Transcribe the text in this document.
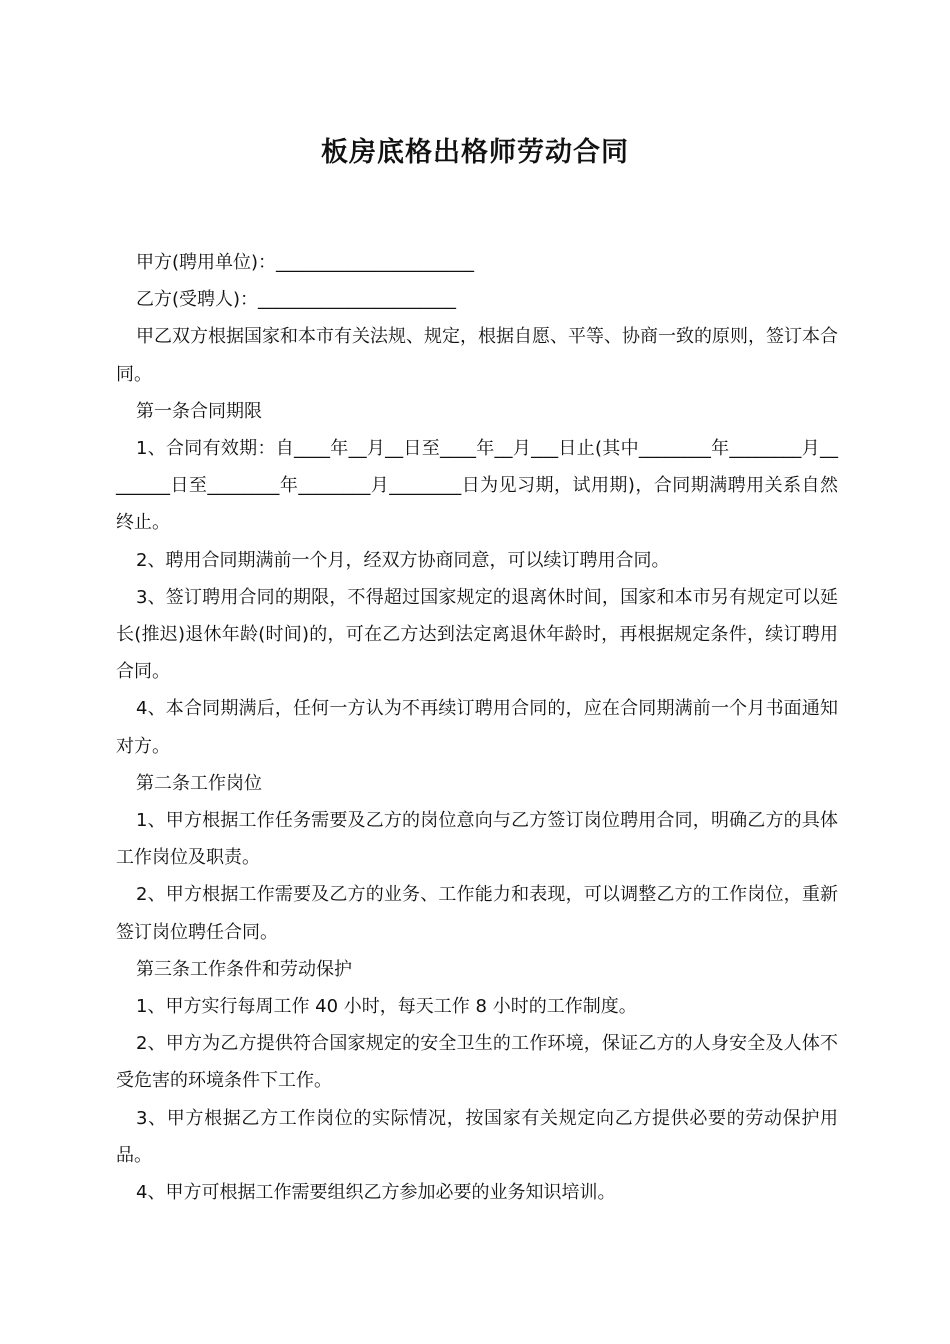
板房底格出格师劳动合同

甲方(聘用单位)：______________________

乙方(受聘人)：______________________

甲乙双方根据国家和本市有关法规、规定，根据自愿、平等、协商一致的原则，签订本合同。

第一条合同期限

1、合同有效期：自____年__月__日至____年__月___日止(其中________年________月________日至________年________月________日为见习期，试用期)，合同期满聘用关系自然终止。

2、聘用合同期满前一个月，经双方协商同意，可以续订聘用合同。

3、签订聘用合同的期限，不得超过国家规定的退离休时间，国家和本市另有规定可以延长(推迟)退休年龄(时间)的，可在乙方达到法定离退休年龄时，再根据规定条件，续订聘用合同。

4、本合同期满后，任何一方认为不再续订聘用合同的，应在合同期满前一个月书面通知对方。

第二条工作岗位

1、甲方根据工作任务需要及乙方的岗位意向与乙方签订岗位聘用合同，明确乙方的具体工作岗位及职责。

2、甲方根据工作需要及乙方的业务、工作能力和表现，可以调整乙方的工作岗位，重新签订岗位聘任合同。

第三条工作条件和劳动保护

1、甲方实行每周工作 40 小时，每天工作 8 小时的工作制度。

2、甲方为乙方提供符合国家规定的安全卫生的工作环境，保证乙方的人身安全及人体不受危害的环境条件下工作。

3、甲方根据乙方工作岗位的实际情况，按国家有关规定向乙方提供必要的劳动保护用品。

4、甲方可根据工作需要组织乙方参加必要的业务知识培训。
